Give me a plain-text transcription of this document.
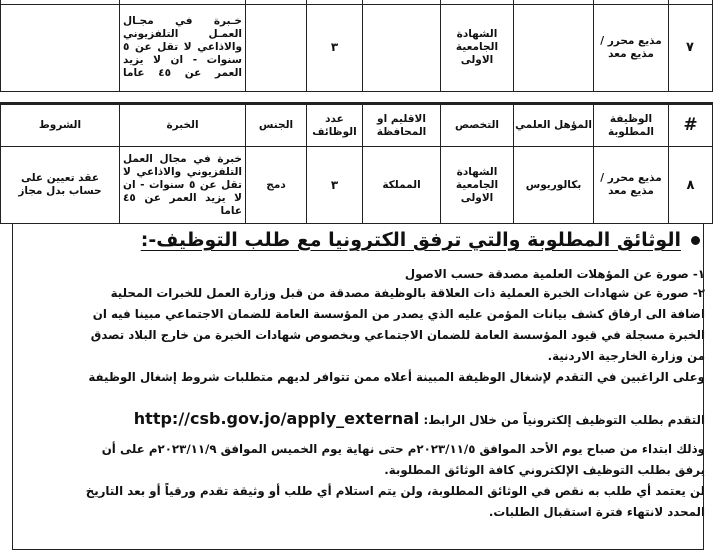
٧
مذيع محرر / مذيع معد
الشهادة الجامعية الاولى
٣
خـبرة في مجـال العمـل التلفزيوني والاذاعي لا تقل عن ٥ سنوات - ان لا يزيد العمر عن ٤٥ عاما
#
الوظيفة المطلوبة
المؤهل العلمي
التخصص
الاقليم او المحافظة
عدد الوظائف
الجنس
الخبرة
الشروط
٨
مذيع محرر / مذيع معد
بكالوريوس
الشهادة الجامعية الاولى
المملكة
٣
دمج
خبرة في مجال العمل التلفزيوني والاذاعي لا تقل عن ٥ سنوات - ان لا يزيد العمر عن ٤٥ عاما
عقد تعيين على حساب بدل مجاز
الوثائق المطلوبة والتي ترفق الكترونيا مع طلب التوظيف-:

١- صورة عن المؤهلات العلمية مصدقة حسب الاصول

٢- صورة عن شهادات الخبرة العملية ذات العلاقة بالوظيفة مصدقة من قبل وزارة العمل للخبرات المحلية

اضافة الى ارفاق كشف بيانات المؤمن عليه الذي يصدر من المؤسسة العامة للضمان الاجتماعي مبينا فيه ان

الخبرة مسجلة في قيود المؤسسة العامة للضمان الاجتماعي وبخصوص شهادات الخبرة من خارج البلاد تصدق

من وزارة الخارجية الاردنية.

وعلى الراغبين في التقدم لإشغال الوظيفة المبينة أعلاه ممن تتوافر لديهم متطلبات شروط إشغال الوظيفة

التقدم بطلب التوظيف إلكترونياً من خلال الرابط: http://csb.gov.jo/apply_external

وذلك ابتداء من صباح يوم الأحد الموافق ٢٠٢٣/١١/٥م حتى نهاية يوم الخميس الموافق ٢٠٢٣/١١/٩م على أن

يرفق بطلب التوظيف الإلكتروني كافة الوثائق المطلوبة.

لن يعتمد أي طلب به نقص في الوثائق المطلوبة، ولن يتم استلام أي طلب أو وثيقة تقدم ورقياً أو بعد التاريخ

المحدد لانتهاء فترة استقبال الطلبات.
